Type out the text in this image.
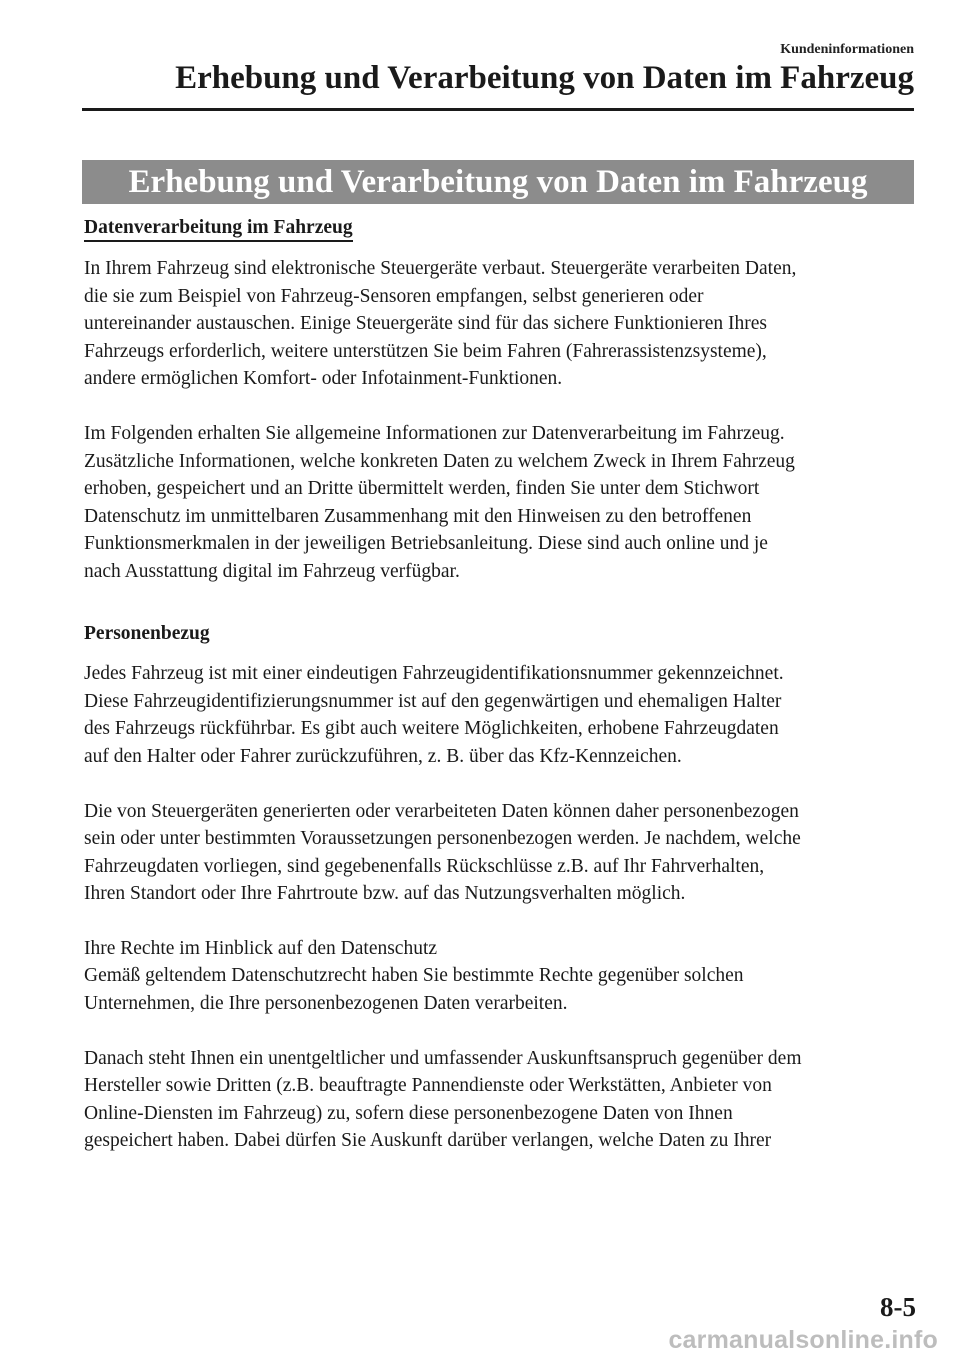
Kundeninformationen
Erhebung und Verarbeitung von Daten im Fahrzeug
Erhebung und Verarbeitung von Daten im Fahrzeug
Datenverarbeitung im Fahrzeug
In Ihrem Fahrzeug sind elektronische Steuergeräte verbaut. Steuergeräte verarbeiten Daten,
die sie zum Beispiel von Fahrzeug-Sensoren empfangen, selbst generieren oder
untereinander austauschen. Einige Steuergeräte sind für das sichere Funktionieren Ihres
Fahrzeugs erforderlich, weitere unterstützen Sie beim Fahren (Fahrerassistenzsysteme),
andere ermöglichen Komfort- oder Infotainment-Funktionen.
Im Folgenden erhalten Sie allgemeine Informationen zur Datenverarbeitung im Fahrzeug.
Zusätzliche Informationen, welche konkreten Daten zu welchem Zweck in Ihrem Fahrzeug
erhoben, gespeichert und an Dritte übermittelt werden, finden Sie unter dem Stichwort
Datenschutz im unmittelbaren Zusammenhang mit den Hinweisen zu den betroffenen
Funktionsmerkmalen in der jeweiligen Betriebsanleitung. Diese sind auch online und je
nach Ausstattung digital im Fahrzeug verfügbar.
Personenbezug
Jedes Fahrzeug ist mit einer eindeutigen Fahrzeugidentifikationsnummer gekennzeichnet.
Diese Fahrzeugidentifizierungsnummer ist auf den gegenwärtigen und ehemaligen Halter
des Fahrzeugs rückführbar. Es gibt auch weitere Möglichkeiten, erhobene Fahrzeugdaten
auf den Halter oder Fahrer zurückzuführen, z. B. über das Kfz-Kennzeichen.
Die von Steuergeräten generierten oder verarbeiteten Daten können daher personenbezogen
sein oder unter bestimmten Voraussetzungen personenbezogen werden. Je nachdem, welche
Fahrzeugdaten vorliegen, sind gegebenenfalls Rückschlüsse z.B. auf Ihr Fahrverhalten,
Ihren Standort oder Ihre Fahrtroute bzw. auf das Nutzungsverhalten möglich.
Ihre Rechte im Hinblick auf den Datenschutz
Gemäß geltendem Datenschutzrecht haben Sie bestimmte Rechte gegenüber solchen
Unternehmen, die Ihre personenbezogenen Daten verarbeiten.
Danach steht Ihnen ein unentgeltlicher und umfassender Auskunftsanspruch gegenüber dem
Hersteller sowie Dritten (z.B. beauftragte Pannendienste oder Werkstätten, Anbieter von
Online-Diensten im Fahrzeug) zu, sofern diese personenbezogene Daten von Ihnen
gespeichert haben. Dabei dürfen Sie Auskunft darüber verlangen, welche Daten zu Ihrer
8-5
carmanualsonline.info
